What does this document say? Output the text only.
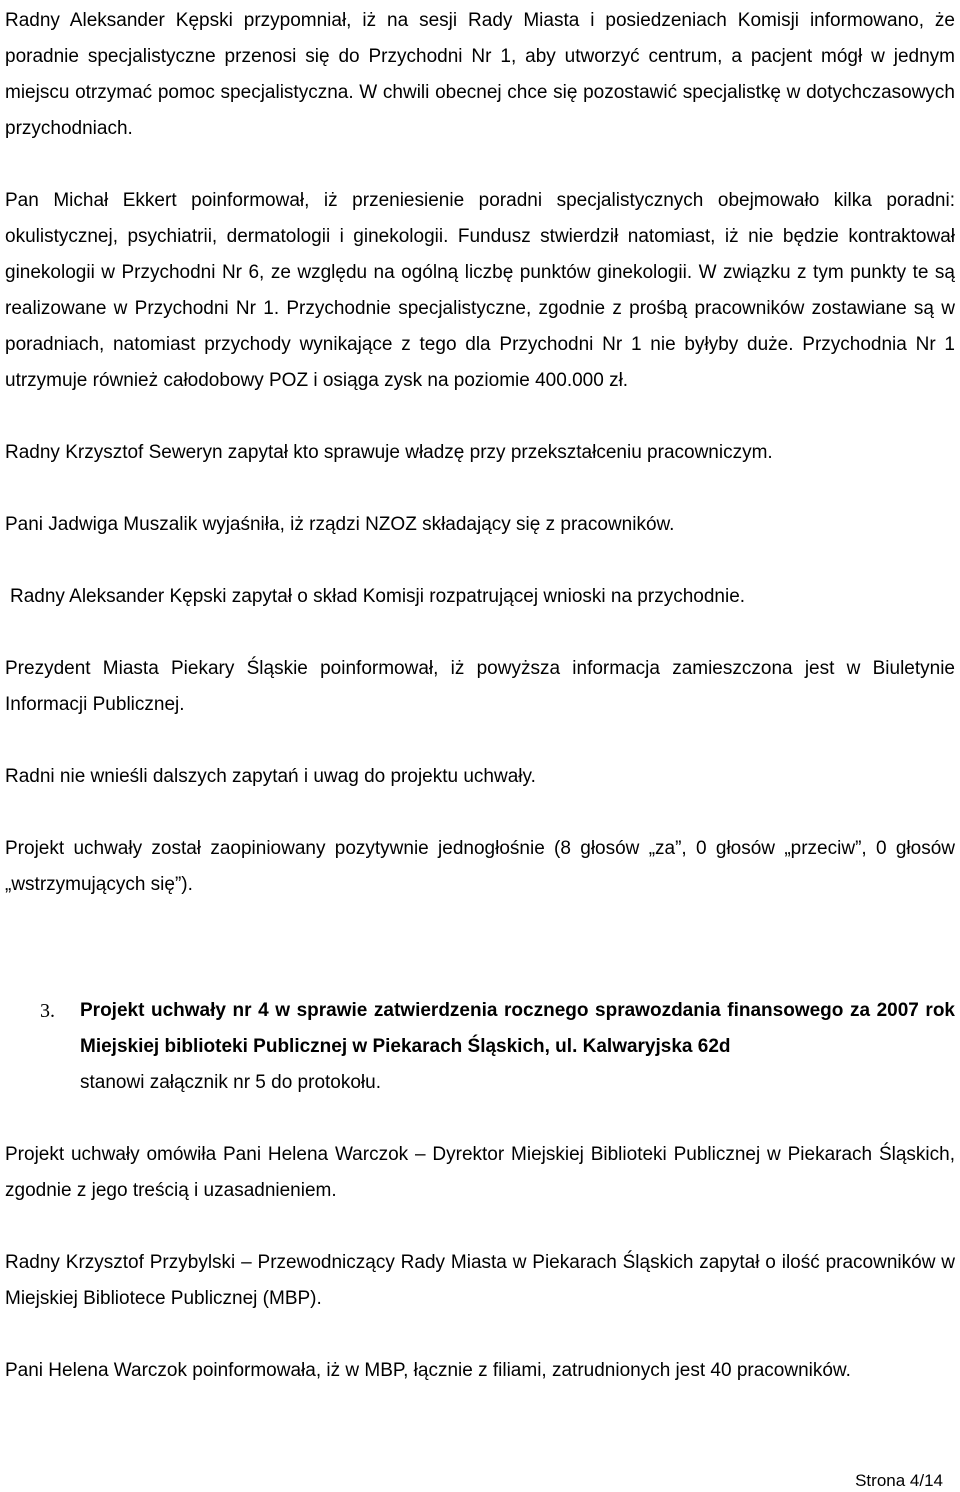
Radny Aleksander Kępski przypomniał, iż na sesji Rady Miasta i posiedzeniach Komisji informowano, że poradnie specjalistyczne przenosi się do Przychodni Nr 1, aby utworzyć centrum, a pacjent mógł w jednym miejscu otrzymać pomoc specjalistyczna. W chwili obecnej chce się pozostawić specjalistkę w dotychczasowych przychodniach.

Pan Michał Ekkert poinformował, iż przeniesienie poradni specjalistycznych obejmowało kilka poradni: okulistycznej, psychiatrii, dermatologii i ginekologii. Fundusz stwierdził natomiast, iż nie będzie kontraktował ginekologii w Przychodni Nr 6, ze względu na ogólną liczbę punktów ginekologii. W związku z tym punkty te są realizowane w Przychodni Nr 1. Przychodnie specjalistyczne, zgodnie z prośbą pracowników zostawiane są w poradniach, natomiast przychody wynikające z tego dla Przychodni Nr 1 nie byłyby duże. Przychodnia Nr 1 utrzymuje również całodobowy POZ i osiąga zysk na poziomie 400.000 zł.

Radny Krzysztof Seweryn zapytał kto sprawuje władzę przy przekształceniu pracowniczym.

Pani Jadwiga Muszalik wyjaśniła, iż rządzi NZOZ składający się z pracowników.

Radny Aleksander Kępski zapytał o skład Komisji rozpatrującej wnioski na przychodnie.

Prezydent Miasta Piekary Śląskie poinformował, iż powyższa informacja zamieszczona jest w Biuletynie Informacji Publicznej.

Radni nie wnieśli dalszych zapytań i uwag do projektu uchwały.

Projekt uchwały został zaopiniowany pozytywnie jednogłośnie (8 głosów „za”, 0 głosów „przeciw”, 0 głosów „wstrzymujących się”).

3.	Projekt uchwały nr 4 w sprawie zatwierdzenia rocznego sprawozdania finansowego za 2007 rok Miejskiej biblioteki Publicznej w Piekarach Śląskich, ul. Kalwaryjska 62d

stanowi załącznik nr 5 do protokołu.

Projekt uchwały omówiła Pani Helena Warczok – Dyrektor Miejskiej Biblioteki Publicznej w Piekarach Śląskich, zgodnie z jego treścią i uzasadnieniem.

Radny Krzysztof Przybylski – Przewodniczący Rady Miasta w Piekarach Śląskich zapytał o ilość pracowników w Miejskiej Bibliotece Publicznej (MBP).

Pani Helena Warczok poinformowała, iż w MBP, łącznie z filiami, zatrudnionych jest 40 pracowników.

Strona 4/14
